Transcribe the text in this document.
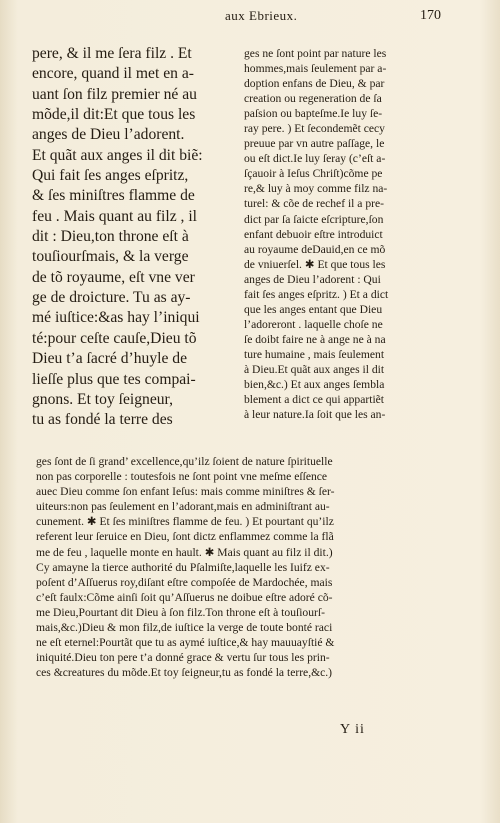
aux Ebrieux.	170
pere, & il me ſera filz . Et
encore, quand il met en a-
uant ſon filz premier né au
mõde,il dit:Et que tous les
anges de Dieu l’adorent.
Et quãt aux anges il dit biẽ:
Qui fait ſes anges eſpritz,
& ſes miniſtres flamme de
feu . Mais quant au filz , il
dit : Dieu,ton throne eſt à
touſiourſmais, & la verge
de tõ royaume, eſt vne ver
ge de droicture. Tu as ay-
mé iuſtice:&as hay l’iniqui
té:pour ceſte cauſe,Dieu tõ
Dieu t’a ſacré d’huyle de
lieſſe plus que tes compai-
gnons. Et toy ſeigneur,
tu as fondé la terre des
ges ne ſont point par nature les
hommes,mais ſeulement par a-
doption enfans de Dieu, & par
creation ou regeneration de ſa
paſsion ou bapteſme.Ie luy ſe-
ray pere. ) Et ſecondemẽt cecy
preuue par vn autre paſſage, le
ou eſt dict.Ie luy ſeray (c’eſt a-
ſçauoir à Ieſus Chriſt)cõme pe
re,& luy à moy comme filz na-
turel: & cõe de rechef il a pre-
dict par ſa ſaicte eſcripture,ſon
enfant debuoir eſtre introduict
au royaume deDauid,en ce mõ
de vniuerſel. ✱ Et que tous les
anges de Dieu l’adorent : Qui
fait ſes anges eſpritz. ) Et a dict
que les anges entant que Dieu
l’adoreront . laquelle choſe ne
ſe doibt faire ne à ange ne à na
ture humaine , mais ſeulement
à Dieu.Et quãt aux anges il dit
bien,&c.) Et aux anges ſembla
blement a dict ce qui appartiẽt
à leur nature.Ia ſoit que les an-
ges ſont de ſi grand’ excellence,qu’ilz ſoient de nature ſpirituelle
non pas corporelle : toutesfois ne ſont point vne meſme eſſence
auec Dieu comme ſon enfant Ieſus: mais comme miniſtres & ſer-
uiteurs:non pas ſeulement en l’adorant,mais en adminiſtrant au-
cunement. ✱ Et ſes miniſtres flamme de feu. ) Et pourtant qu’ilz
referent leur ſeruice en Dieu, ſont dictz enflammez comme la flã
me de feu , laquelle monte en hault. ✱ Mais quant au filz il dit.)
Cy amayne la tierce authorité du Pſalmiſte,laquelle les Iuifz ex-
poſent d’Aſſuerus roy,diſant eſtre compoſée de Mardochée, mais
c’eſt faulx:Cõme ainſi ſoit qu’Aſſuerus ne doibue eſtre adoré cõ-
me Dieu,Pourtant dit Dieu à ſon filz.Ton throne eſt à touſiourſ-
mais,&c.)Dieu & mon filz,de iuſtice la verge de toute bonté raci
ne eſt eternel:Pourtãt que tu as aymé iuſtice,& hay mauuayſtié &
iniquité.Dieu ton pere t’a donné grace & vertu ſur tous les prin-
ces &creatures du mõde.Et toy ſeigneur,tu as fondé la terre,&c.)
Y ii
